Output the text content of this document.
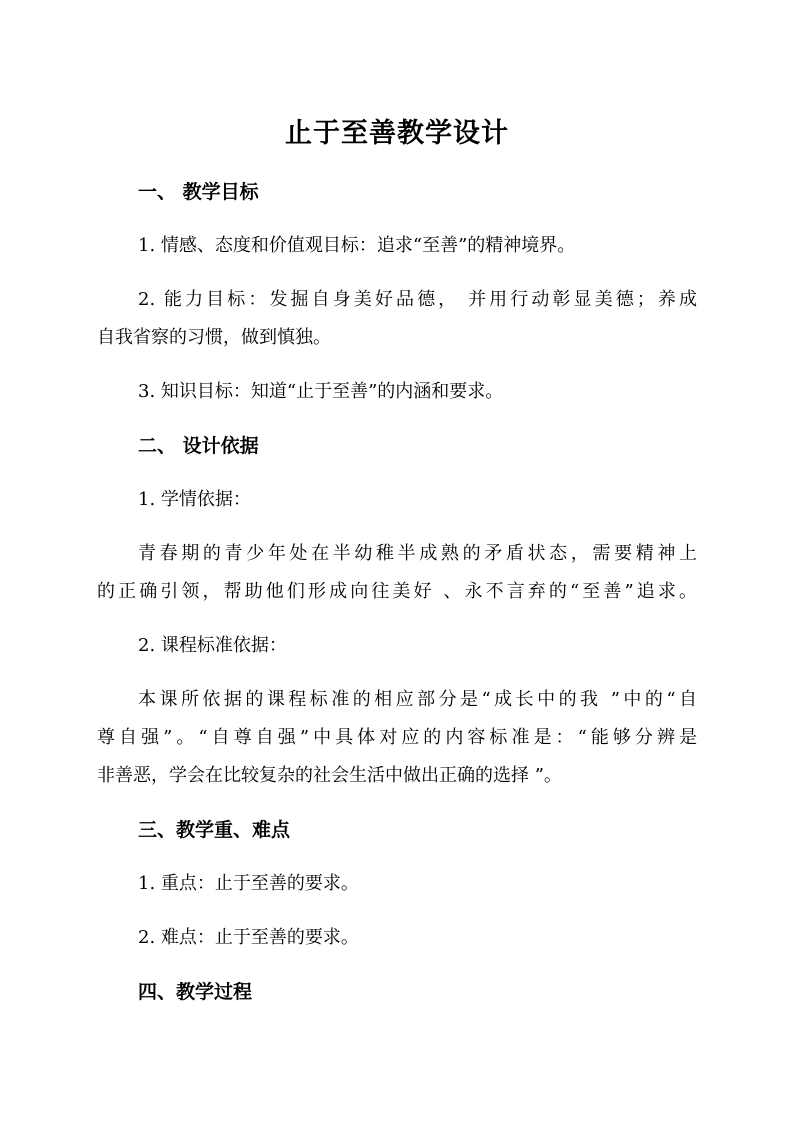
止于至善教学设计
一、 教学目标
1. 情感、态度和价值观目标：追求“至善”的精神境界。
2. 能力目标：发掘自身美好品德， 并用行动彰显美德；养成
自我省察的习惯，做到慎独。
3. 知识目标：知道“止于至善”的内涵和要求。
二、 设计依据
1. 学情依据：
青春期的青少年处在半幼稚半成熟的矛盾状态，需要精神上
的正确引领，帮助他们形成向往美好 、永不言弃的“至善”追求。
2. 课程标准依据：
本课所依据的课程标准的相应部分是“成长中的我 ”中的“自
尊自强”。“自尊自强”中具体对应的内容标准是：“能够分辨是
非善恶，学会在比较复杂的社会生活中做出正确的选择 ”。
三、教学重、难点
1. 重点：止于至善的要求。
2. 难点：止于至善的要求。
四、教学过程
